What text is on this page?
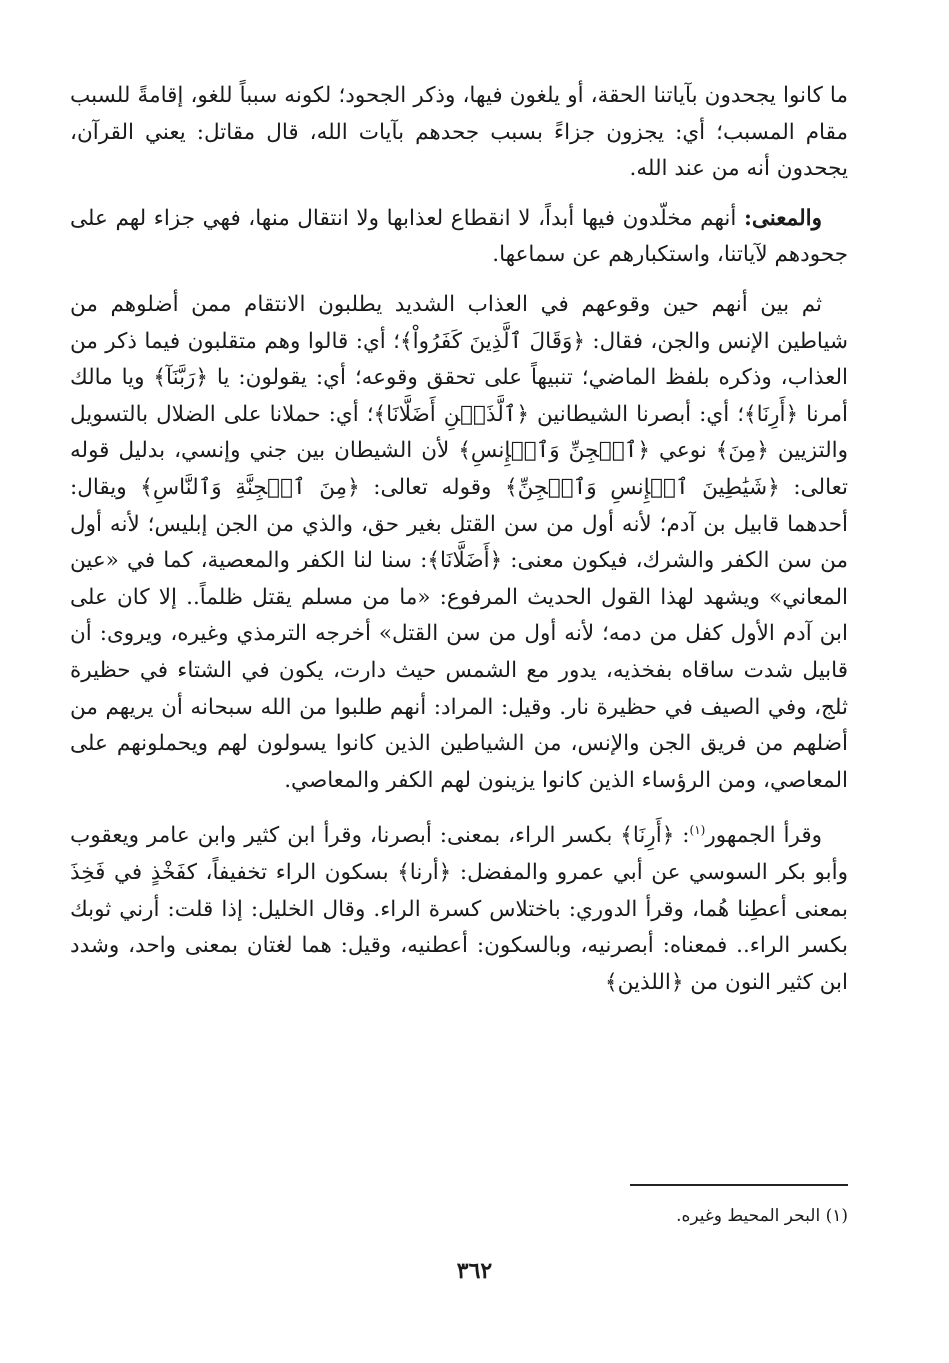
ما كانوا يجحدون بآياتنا الحقة، أو يلغون فيها، وذكر الجحود؛ لكونه سبباً للغو، إقامةً للسبب مقام المسبب؛ أي: يجزون جزاءً بسبب جحدهم بآيات الله، قال مقاتل: يعني القرآن، يجحدون أنه من عند الله.

والمعنى: أنهم مخلّدون فيها أبداً، لا انقطاع لعذابها ولا انتقال منها، فهي جزاء لهم على جحودهم لآياتنا، واستكبارهم عن سماعها.

ثم بين أنهم حين وقوعهم في العذاب الشديد يطلبون الانتقام ممن أضلوهم من شياطين الإنس والجن، فقال: ﴿وَقَالَ ٱلَّذِينَ كَفَرُواْ﴾؛ أي: قالوا وهم متقلبون فيما ذكر من العذاب، وذكره بلفظ الماضي؛ تنبيهاً على تحقق وقوعه؛ أي: يقولون: يا ﴿رَبَّنَآ﴾ ويا مالك أمرنا ﴿أَرِنَا﴾؛ أي: أبصرنا الشيطانين ﴿ٱلَّذَيۡنِ أَضَلَّانَا﴾؛ أي: حملانا على الضلال بالتسويل والتزيين ﴿مِنَ﴾ نوعي ﴿ٱلۡجِنِّ وَٱلۡإِنسِ﴾ لأن الشيطان بين جني وإنسي، بدليل قوله تعالى: ﴿شَيَٰطِينَ ٱلۡإِنسِ وَٱلۡجِنِّ﴾ وقوله تعالى: ﴿مِنَ ٱلۡجِنَّةِ وَٱلنَّاسِ﴾ ويقال: أحدهما قابيل بن آدم؛ لأنه أول من سن القتل بغير حق، والذي من الجن إبليس؛ لأنه أول من سن الكفر والشرك، فيكون معنى: ﴿أَضَلَّانَا﴾: سنا لنا الكفر والمعصية، كما في «عين المعاني» ويشهد لهذا القول الحديث المرفوع: «ما من مسلم يقتل ظلماً.. إلا كان على ابن آدم الأول كفل من دمه؛ لأنه أول من سن القتل» أخرجه الترمذي وغيره، ويروى: أن قابيل شدت ساقاه بفخذيه، يدور مع الشمس حيث دارت، يكون في الشتاء في حظيرة ثلج، وفي الصيف في حظيرة نار. وقيل: المراد: أنهم طلبوا من الله سبحانه أن يريهم من أضلهم من فريق الجن والإنس، من الشياطين الذين كانوا يسولون لهم ويحملونهم على المعاصي، ومن الرؤساء الذين كانوا يزينون لهم الكفر والمعاصي.

وقرأ الجمهور$^{(١)}$: ﴿أَرِنَا﴾ بكسر الراء، بمعنى: أبصرنا، وقرأ ابن كثير وابن عامر ويعقوب وأبو بكر السوسي عن أبي عمرو والمفضل: ﴿أرنا﴾ بسكون الراء تخفيفاً، كفَخْذٍ في فَخِذَ بمعنى أعطِنا هُما، وقرأ الدوري: باختلاس كسرة الراء. وقال الخليل: إذا قلت: أرني ثوبك بكسر الراء.. فمعناه: أبصرنيه، وبالسكون: أعطنيه، وقيل: هما لغتان بمعنى واحد، وشدد ابن كثير النون من ﴿اللذين﴾

(١) البحر المحيط وغيره.
٣٦٢
